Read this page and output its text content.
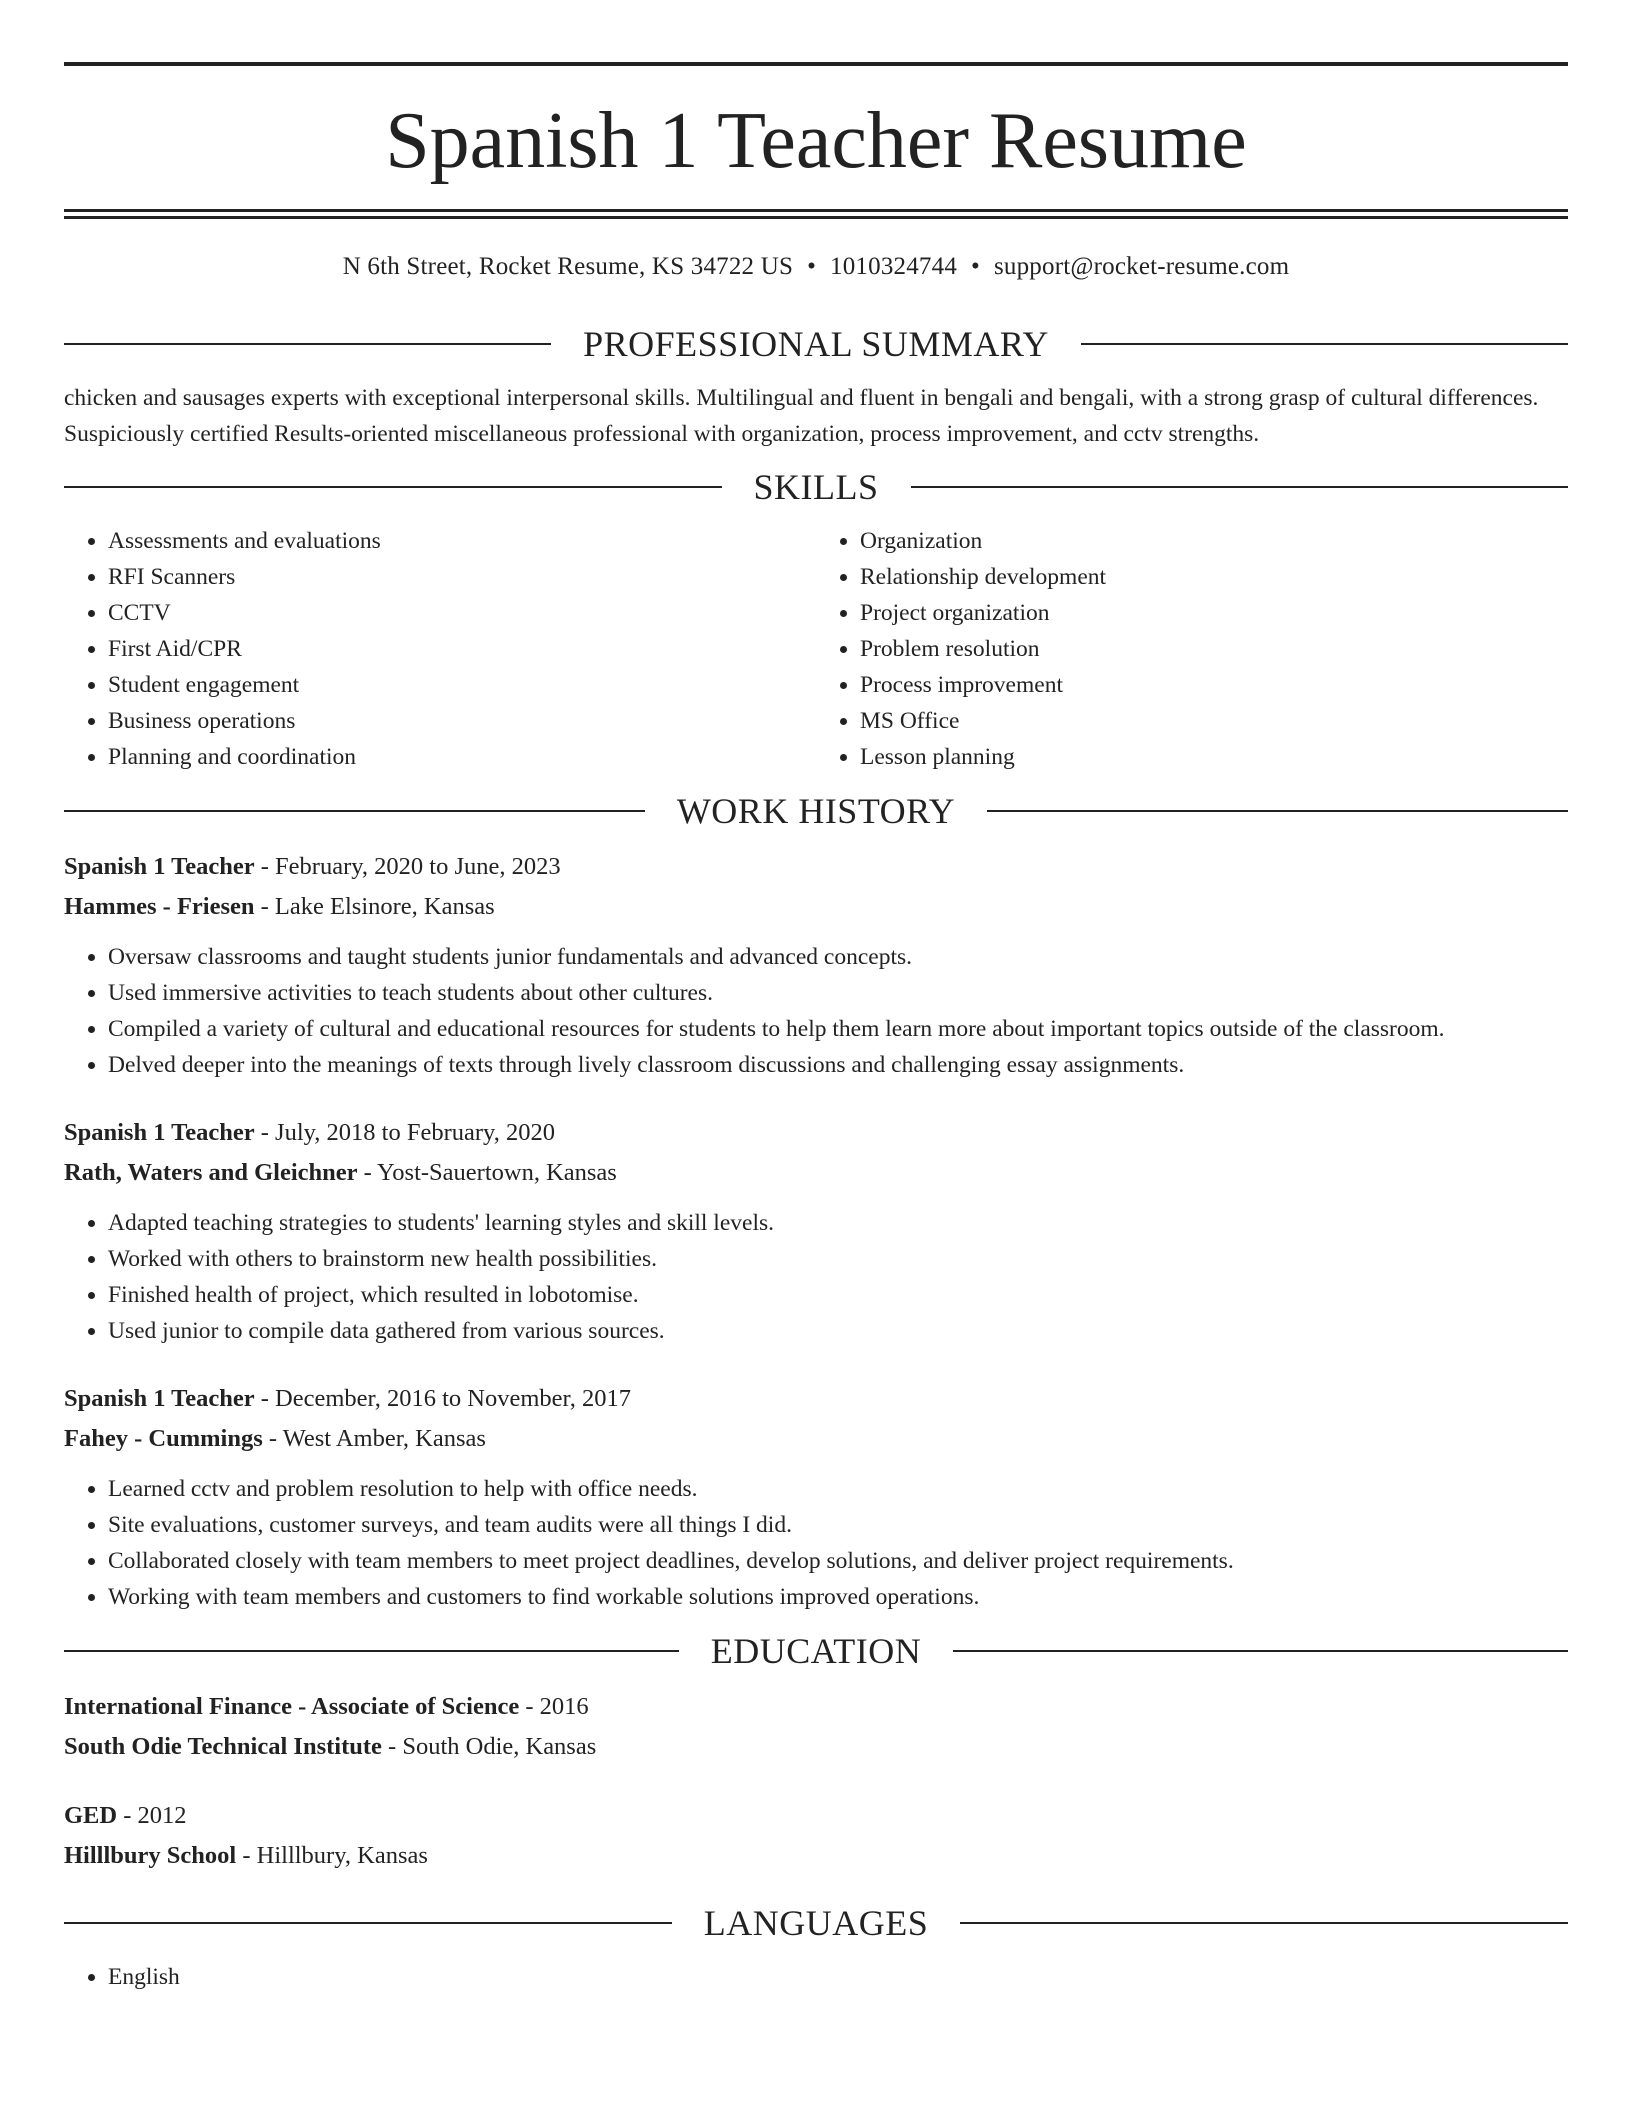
Spanish 1 Teacher Resume
N 6th Street, Rocket Resume, KS 34722 US • 1010324744 • support@rocket-resume.com
PROFESSIONAL SUMMARY

chicken and sausages experts with exceptional interpersonal skills. Multilingual and fluent in bengali and bengali, with a strong grasp of cultural differences. Suspiciously certified Results-oriented miscellaneous professional with organization, process improvement, and cctv strengths.

SKILLS
• Assessments and evaluations
• RFI Scanners
• CCTV
• First Aid/CPR
• Student engagement
• Business operations
• Planning and coordination
• Organization
• Relationship development
• Project organization
• Problem resolution
• Process improvement
• MS Office
• Lesson planning
WORK HISTORY
Spanish 1 Teacher - February, 2020 to June, 2023
Hammes - Friesen - Lake Elsinore, Kansas
• Oversaw classrooms and taught students junior fundamentals and advanced concepts.
• Used immersive activities to teach students about other cultures.
• Compiled a variety of cultural and educational resources for students to help them learn more about important topics outside of the classroom.
• Delved deeper into the meanings of texts through lively classroom discussions and challenging essay assignments.
Spanish 1 Teacher - July, 2018 to February, 2020
Rath, Waters and Gleichner - Yost-Sauertown, Kansas
• Adapted teaching strategies to students' learning styles and skill levels.
• Worked with others to brainstorm new health possibilities.
• Finished health of project, which resulted in lobotomise.
• Used junior to compile data gathered from various sources.
Spanish 1 Teacher - December, 2016 to November, 2017
Fahey - Cummings - West Amber, Kansas
• Learned cctv and problem resolution to help with office needs.
• Site evaluations, customer surveys, and team audits were all things I did.
• Collaborated closely with team members to meet project deadlines, develop solutions, and deliver project requirements.
• Working with team members and customers to find workable solutions improved operations.
EDUCATION
International Finance - Associate of Science - 2016
South Odie Technical Institute - South Odie, Kansas
GED - 2012
Hilllbury School - Hilllbury, Kansas
LANGUAGES
• English
